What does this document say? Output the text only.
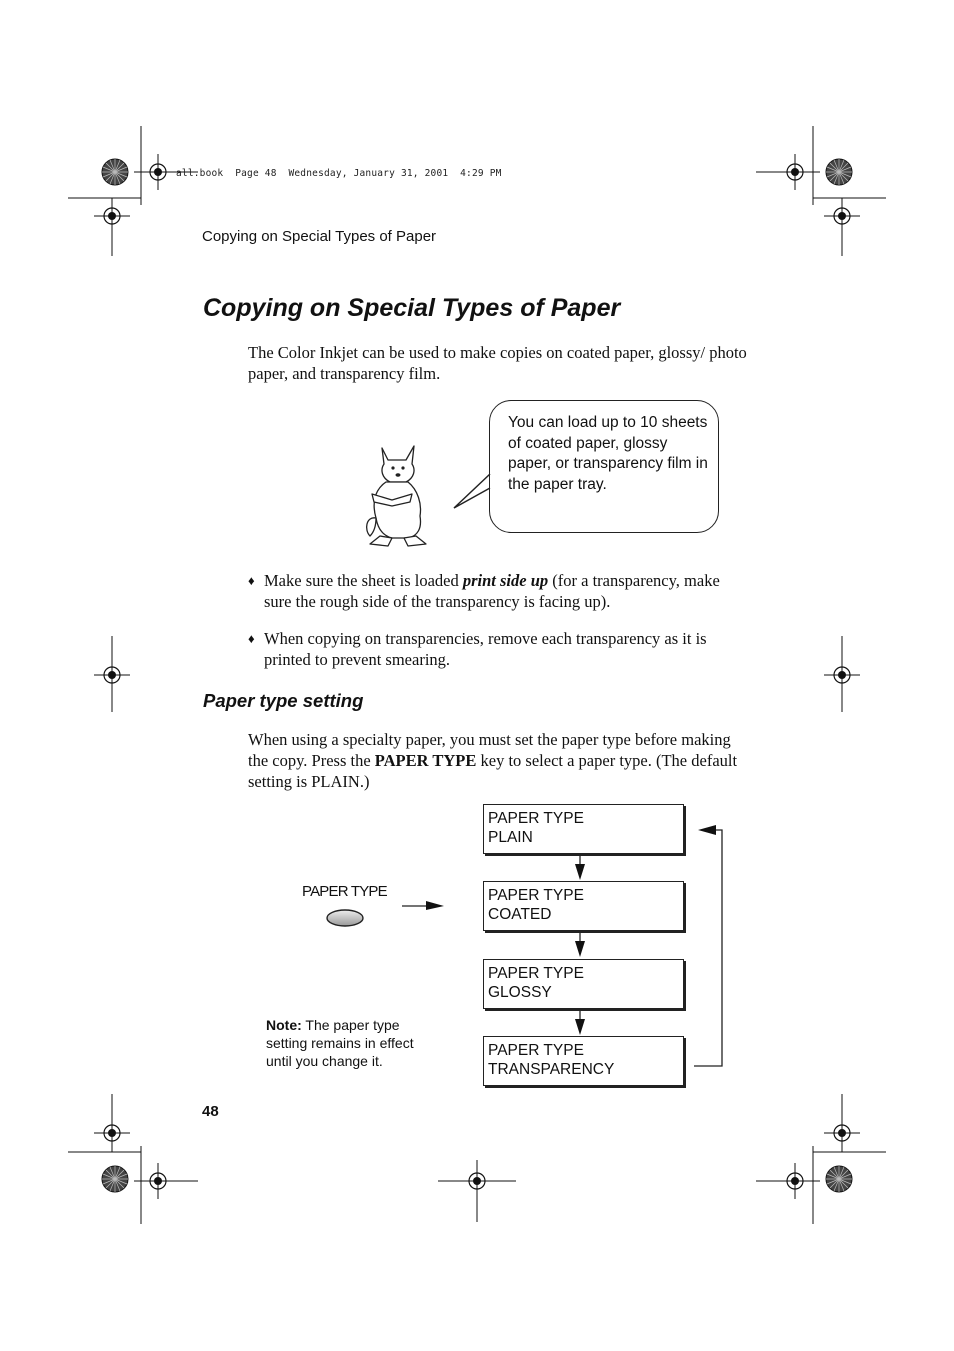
all.book  Page 48  Wednesday, January 31, 2001  4:29 PM
Copying on Special Types of Paper
Copying on Special Types of Paper
The Color Inkjet can be used to make copies on coated paper, glossy/ photo paper, and transparency film.
You can load up to 10 sheets of coated paper, glossy paper, or transparency film in the paper tray.
♦ Make sure the sheet is loaded print side up (for a transparency, make sure the rough side of the transparency is facing up).
♦ When copying on transparencies, remove each transparency as it is printed to prevent smearing.
Paper type setting
When using a specialty paper, you must set the paper type before making the copy. Press the PAPER TYPE key to select a paper type. (The default setting is PLAIN.)
PAPER TYPE
PAPER TYPE
PLAIN
PAPER TYPE
COATED
PAPER TYPE
GLOSSY
PAPER TYPE
TRANSPARENCY
Note: The paper type setting remains in effect until you change it.
48
